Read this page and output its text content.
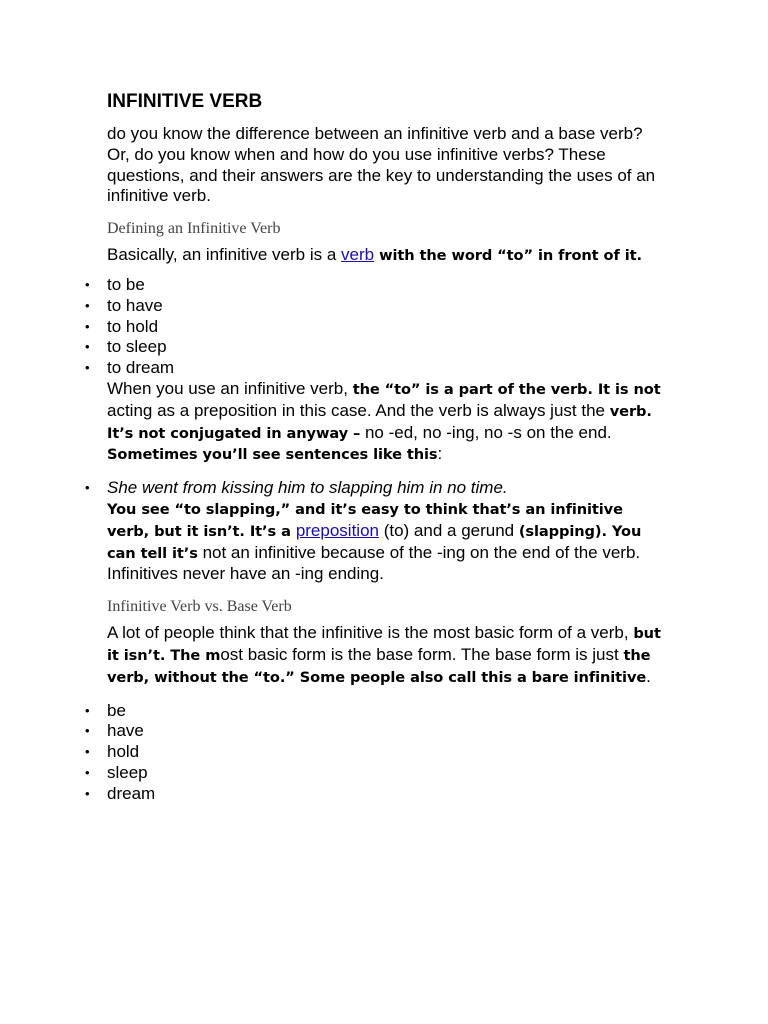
INFINITIVE VERB

do you know the difference between an infinitive verb and a base verb? Or, do you know when and how do you use infinitive verbs? These questions, and their answers are the key to understanding the uses of an infinitive verb.

Defining an Infinitive Verb

Basically, an infinitive verb is a verb with the word “to” in front of it.

•	to be
•	to have
•	to hold
•	to sleep
•	to dream

When you use an infinitive verb, the “to” is a part of the verb. It is not acting as a preposition in this case. And the verb is always just the verb. It’s not conjugated in anyway – no -ed, no -ing, no -s on the end. Sometimes you’ll see sentences like this:

•	She went from kissing him to slapping him in no time.

You see “to slapping,” and it’s easy to think that’s an infinitive verb, but it isn’t. It’s a preposition (to) and a gerund (slapping). You can tell it’s not an infinitive because of the -ing on the end of the verb. Infinitives never have an -ing ending.

Infinitive Verb vs. Base Verb

A lot of people think that the infinitive is the most basic form of a verb, but it isn’t. The most basic form is the base form. The base form is just the verb, without the “to.” Some people also call this a bare infinitive.

•	be
•	have
•	hold
•	sleep
•	dream
